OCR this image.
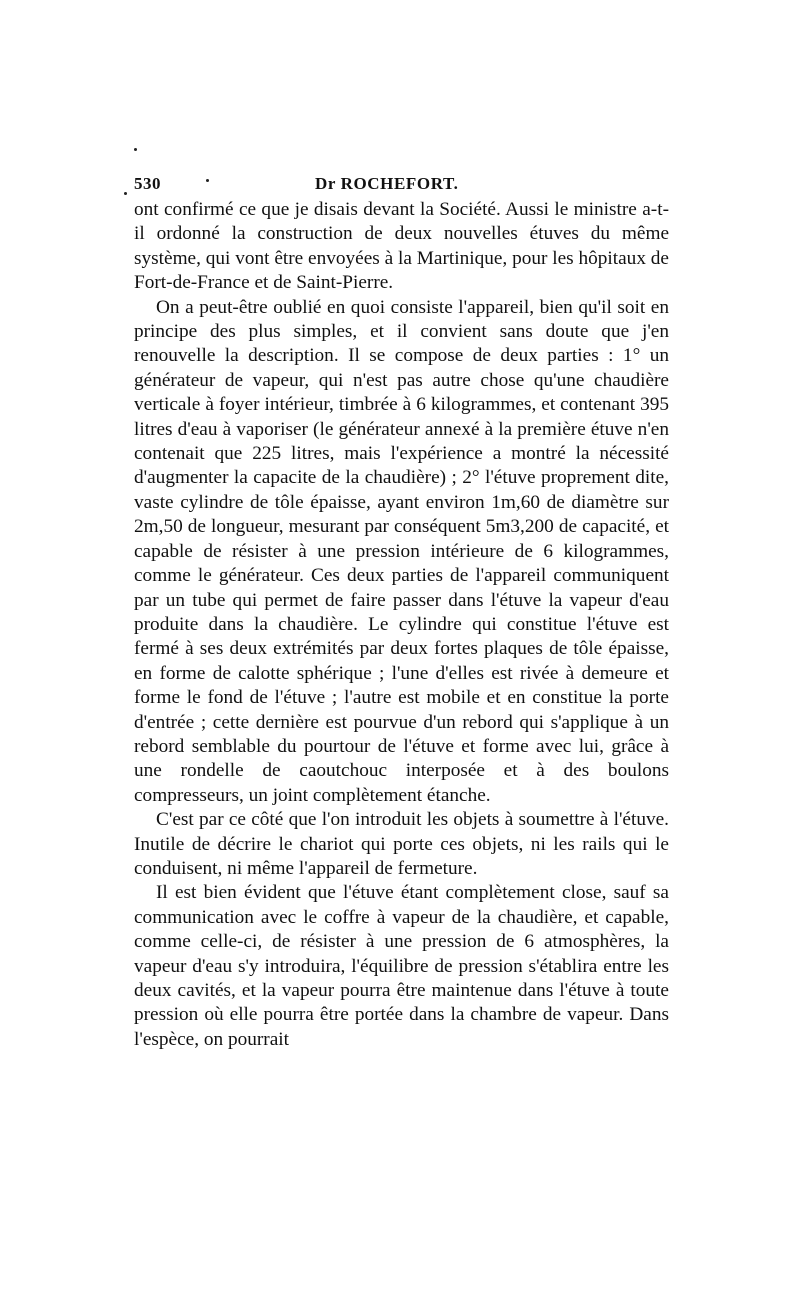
530	Dr ROCHEFORT.

ont confirmé ce que je disais devant la Société. Aussi le ministre a-t-il ordonné la construction de deux nouvelles étuves du même système, qui vont être envoyées à la Martinique, pour les hôpitaux de Fort-de-France et de Saint-Pierre.

On a peut-être oublié en quoi consiste l'appareil, bien qu'il soit en principe des plus simples, et il convient sans doute que j'en renouvelle la description. Il se compose de deux parties : 1° un générateur de vapeur, qui n'est pas autre chose qu'une chaudière verticale à foyer intérieur, timbrée à 6 kilogrammes, et contenant 395 litres d'eau à vaporiser (le générateur annexé à la première étuve n'en contenait que 225 litres, mais l'expérience a montré la nécessité d'augmenter la capacite de la chaudière) ; 2° l'étuve proprement dite, vaste cylindre de tôle épaisse, ayant environ 1m,60 de diamètre sur 2m,50 de longueur, mesurant par conséquent 5m3,200 de capacité, et capable de résister à une pression intérieure de 6 kilogrammes, comme le générateur. Ces deux parties de l'appareil communiquent par un tube qui permet de faire passer dans l'étuve la vapeur d'eau produite dans la chaudière. Le cylindre qui constitue l'étuve est fermé à ses deux extrémités par deux fortes plaques de tôle épaisse, en forme de calotte sphérique ; l'une d'elles est rivée à demeure et forme le fond de l'étuve ; l'autre est mobile et en constitue la porte d'entrée ; cette dernière est pourvue d'un rebord qui s'applique à un rebord semblable du pourtour de l'étuve et forme avec lui, grâce à une rondelle de caoutchouc interposée et à des boulons compresseurs, un joint complètement étanche.

C'est par ce côté que l'on introduit les objets à soumettre à l'étuve. Inutile de décrire le chariot qui porte ces objets, ni les rails qui le conduisent, ni même l'appareil de fermeture.

Il est bien évident que l'étuve étant complètement close, sauf sa communication avec le coffre à vapeur de la chaudière, et capable, comme celle-ci, de résister à une pression de 6 atmosphères, la vapeur d'eau s'y introduira, l'équilibre de pression s'établira entre les deux cavités, et la vapeur pourra être maintenue dans l'étuve à toute pression où elle pourra être portée dans la chambre de vapeur. Dans l'espèce, on pourrait
